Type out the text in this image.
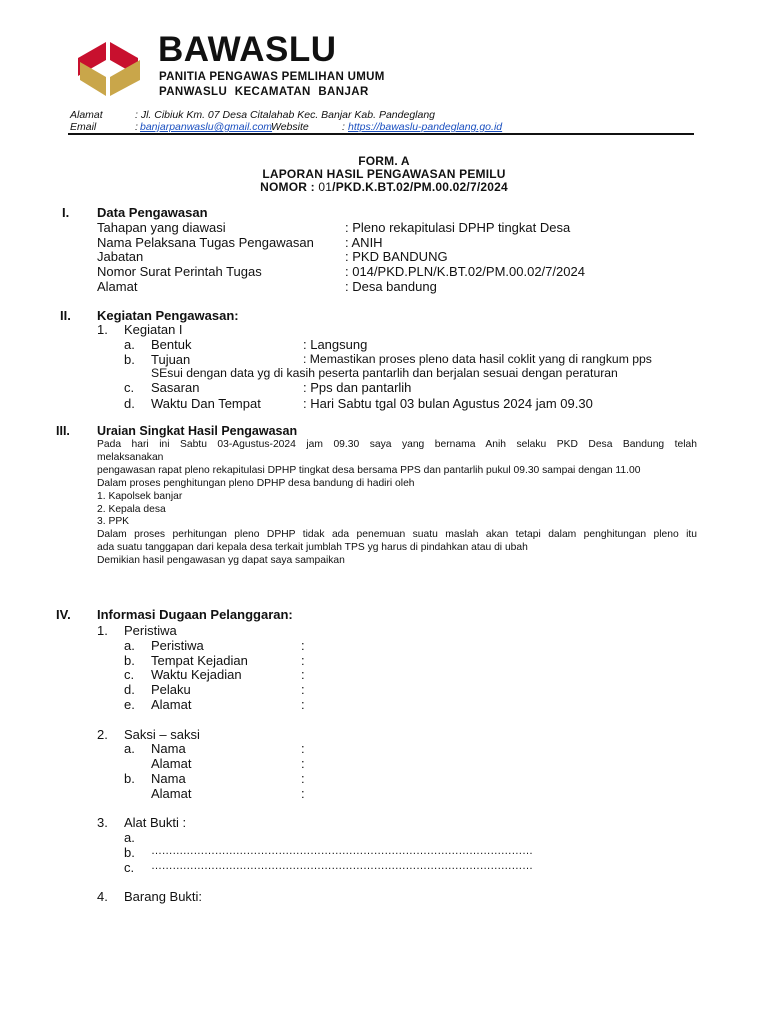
BAWASLU
PANITIA PENGAWAS PEMLIHAN UMUM
PANWASLU KECAMATAN BANJAR
Alamat	: Jl. Cibiuk Km. 07 Desa Citalahab Kec. Banjar Kab. Pandeglang
Email	: banjarpanwaslu@gmail.com
Website	: https://bawaslu-pandeglang.go.id
FORM. A
LAPORAN HASIL PENGAWASAN PEMILU
NOMOR : 01/PKD.K.BT.02/PM.00.02/7/2024
I. Data Pengawasan
Tahapan yang diawasi	: Pleno rekapitulasi DPHP tingkat Desa
Nama Pelaksana Tugas Pengawasan : ANIH
Jabatan	: PKD BANDUNG
Nomor Surat Perintah Tugas	: 014/PKD.PLN/K.BT.02/PM.00.02/7/2024
Alamat	: Desa bandung
II. Kegiatan Pengawasan:
1. Kegiatan I
a. Bentuk	: Langsung
b. Tujuan	: Memastikan proses pleno data hasil coklit yang di rangkum pps
SEsui dengan data yg di kasih peserta pantarlih dan berjalan sesuai dengan peraturan
c. Sasaran	: Pps dan pantarlih
d. Waktu Dan Tempat	: Hari Sabtu tgal 03 bulan Agustus 2024 jam 09.30
III. Uraian Singkat Hasil Pengawasan
Pada hari ini Sabtu 03-Agustus-2024 jam 09.30 saya yang bernama Anih selaku PKD Desa Bandung telah
melaksanakan
pengawasan rapat pleno rekapitulasi DPHP tingkat desa bersama PPS dan pantarlih pukul 09.30 sampai dengan 11.00
Dalam proses penghitungan pleno DPHP desa bandung di hadiri oleh
1. Kapolsek banjar
2. Kepala desa
3. PPK
Dalam proses perhitungan pleno DPHP tidak ada penemuan suatu maslah akan tetapi dalam penghitungan pleno itu
ada suatu tanggapan dari kepala desa terkait jumblah TPS yg harus di pindahkan atau di ubah
Demikian hasil pengawasan yg dapat saya sampaikan
IV. Informasi Dugaan Pelanggaran:
1. Peristiwa
a. Peristiwa	:
b. Tempat Kejadian	:
c. Waktu Kejadian	:
d. Pelaku	:
e. Alamat	:
2. Saksi – saksi
a. Nama	:
Alamat	:
b. Nama	:
Alamat	:
3. Alat Bukti :
a.
b. ………………………………………………………………………………………………
c. ………………………………………………………………………………………………
4. Barang Bukti:
